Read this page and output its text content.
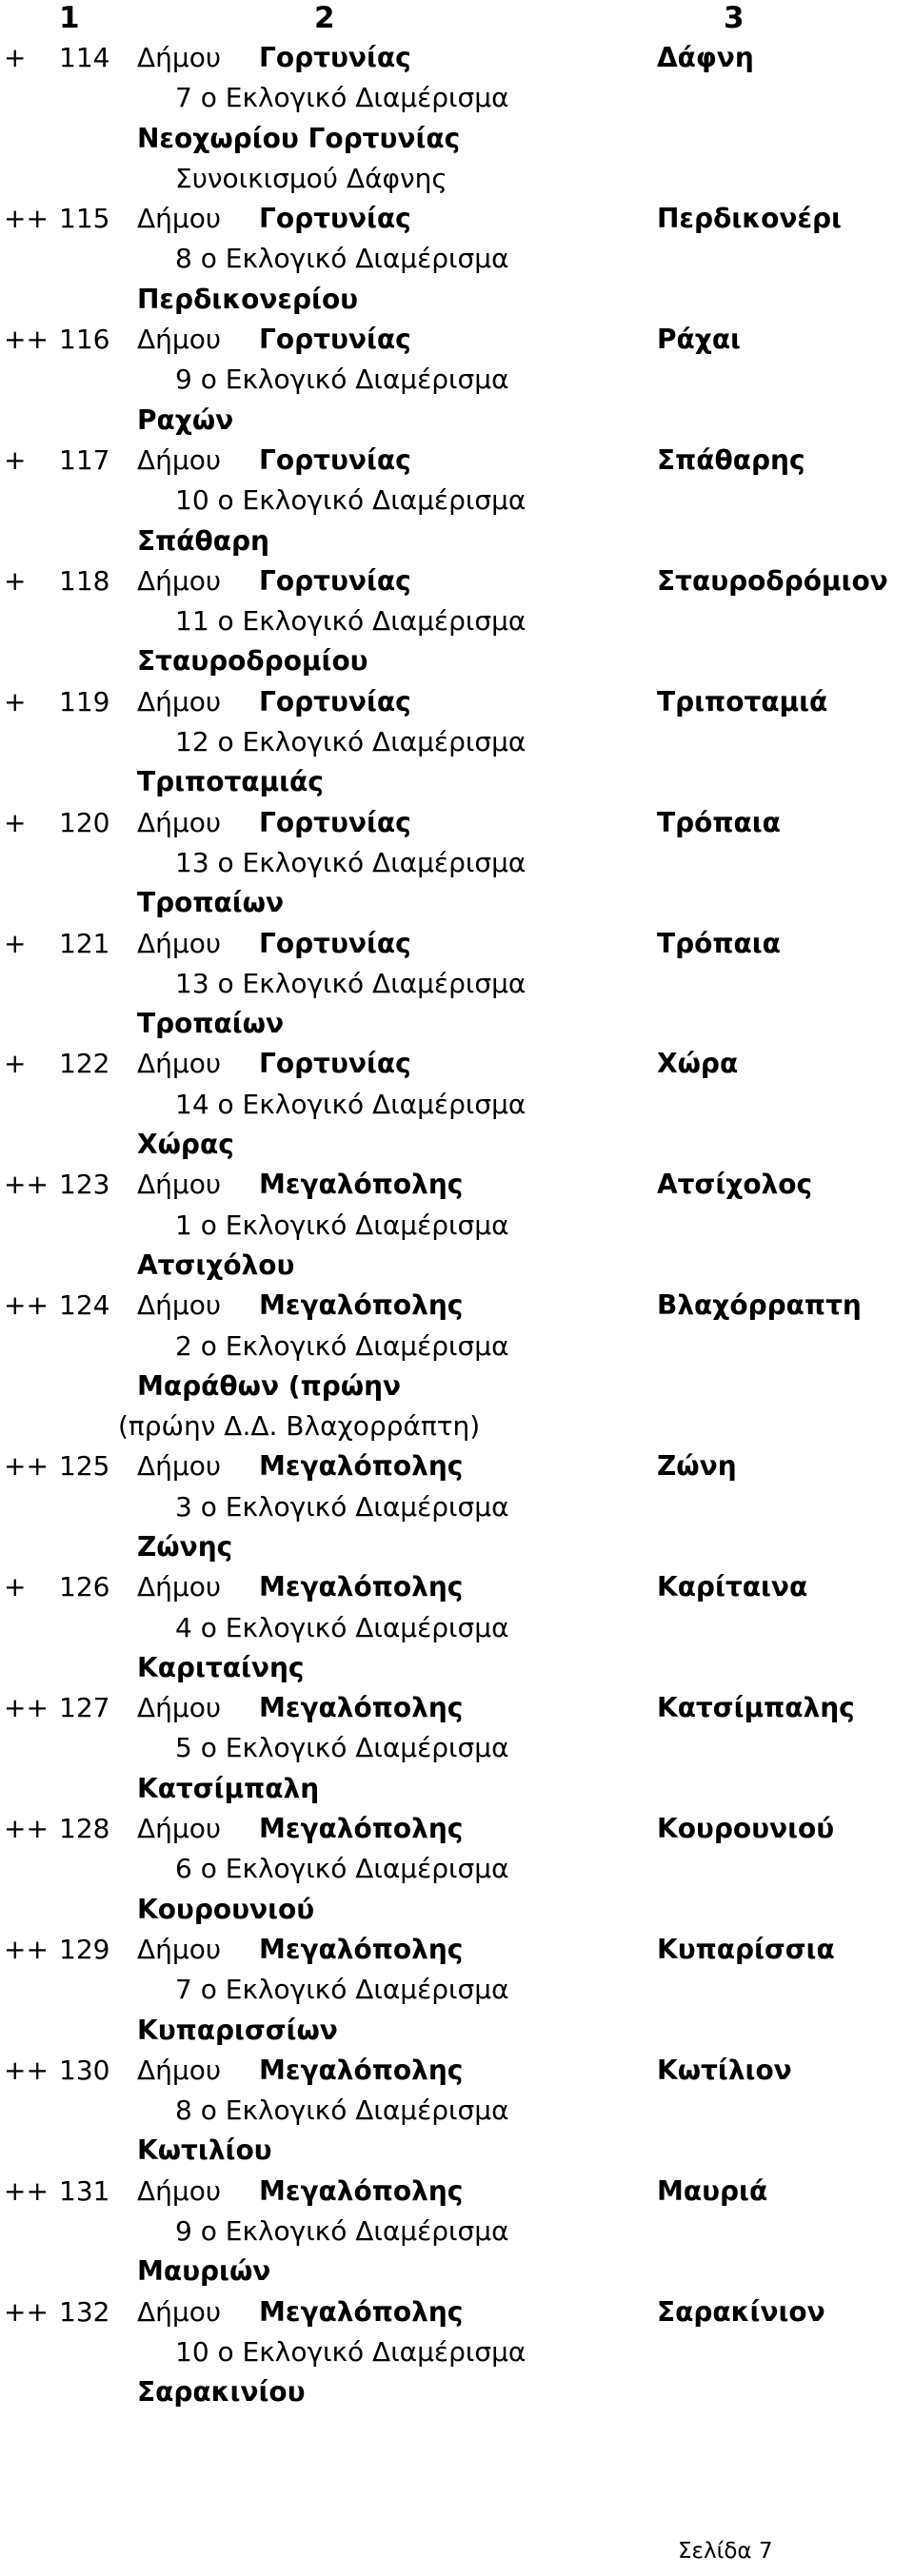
1	2	3
+ 114 Δήμου Γορτυνίας	Δάφνη
7 ο Εκλογικό Διαμέρισμα
Νεοχωρίου Γορτυνίας
Συνοικισμού Δάφνης
++ 115 Δήμου Γορτυνίας	Περδικονέρι
8 ο Εκλογικό Διαμέρισμα
Περδικονερίου
++ 116 Δήμου Γορτυνίας	Ράχαι
9 ο Εκλογικό Διαμέρισμα
Ραχών
+ 117 Δήμου Γορτυνίας	Σπάθαρης
10 ο Εκλογικό Διαμέρισμα
Σπάθαρη
+ 118 Δήμου Γορτυνίας	Σταυροδρόμιον
11 ο Εκλογικό Διαμέρισμα
Σταυροδρομίου
+ 119 Δήμου Γορτυνίας	Τριποταμιά
12 ο Εκλογικό Διαμέρισμα
Τριποταμιάς
+ 120 Δήμου Γορτυνίας	Τρόπαια
13 ο Εκλογικό Διαμέρισμα
Τροπαίων
+ 121 Δήμου Γορτυνίας	Τρόπαια
13 ο Εκλογικό Διαμέρισμα
Τροπαίων
+ 122 Δήμου Γορτυνίας	Χώρα
14 ο Εκλογικό Διαμέρισμα
Χώρας
++ 123 Δήμου Μεγαλόπολης	Ατσίχολος
1 ο Εκλογικό Διαμέρισμα
Ατσιχόλου
++ 124 Δήμου Μεγαλόπολης	Βλαχόρραπτη
2 ο Εκλογικό Διαμέρισμα
Μαράθων (πρώην
(πρώην Δ.Δ. Βλαχορράπτη)
++ 125 Δήμου Μεγαλόπολης	Ζώνη
3 ο Εκλογικό Διαμέρισμα
Ζώνης
+ 126 Δήμου Μεγαλόπολης	Καρίταινα
4 ο Εκλογικό Διαμέρισμα
Καριταίνης
++ 127 Δήμου Μεγαλόπολης	Κατσίμπαλης
5 ο Εκλογικό Διαμέρισμα
Κατσίμπαλη
++ 128 Δήμου Μεγαλόπολης	Κουρουνιού
6 ο Εκλογικό Διαμέρισμα
Κουρουνιού
++ 129 Δήμου Μεγαλόπολης	Κυπαρίσσια
7 ο Εκλογικό Διαμέρισμα
Κυπαρισσίων
++ 130 Δήμου Μεγαλόπολης	Κωτίλιον
8 ο Εκλογικό Διαμέρισμα
Κωτιλίου
++ 131 Δήμου Μεγαλόπολης	Μαυριά
9 ο Εκλογικό Διαμέρισμα
Μαυριών
++ 132 Δήμου Μεγαλόπολης	Σαρακίνιον
10 ο Εκλογικό Διαμέρισμα
Σαρακινίου
Σελίδα 7
